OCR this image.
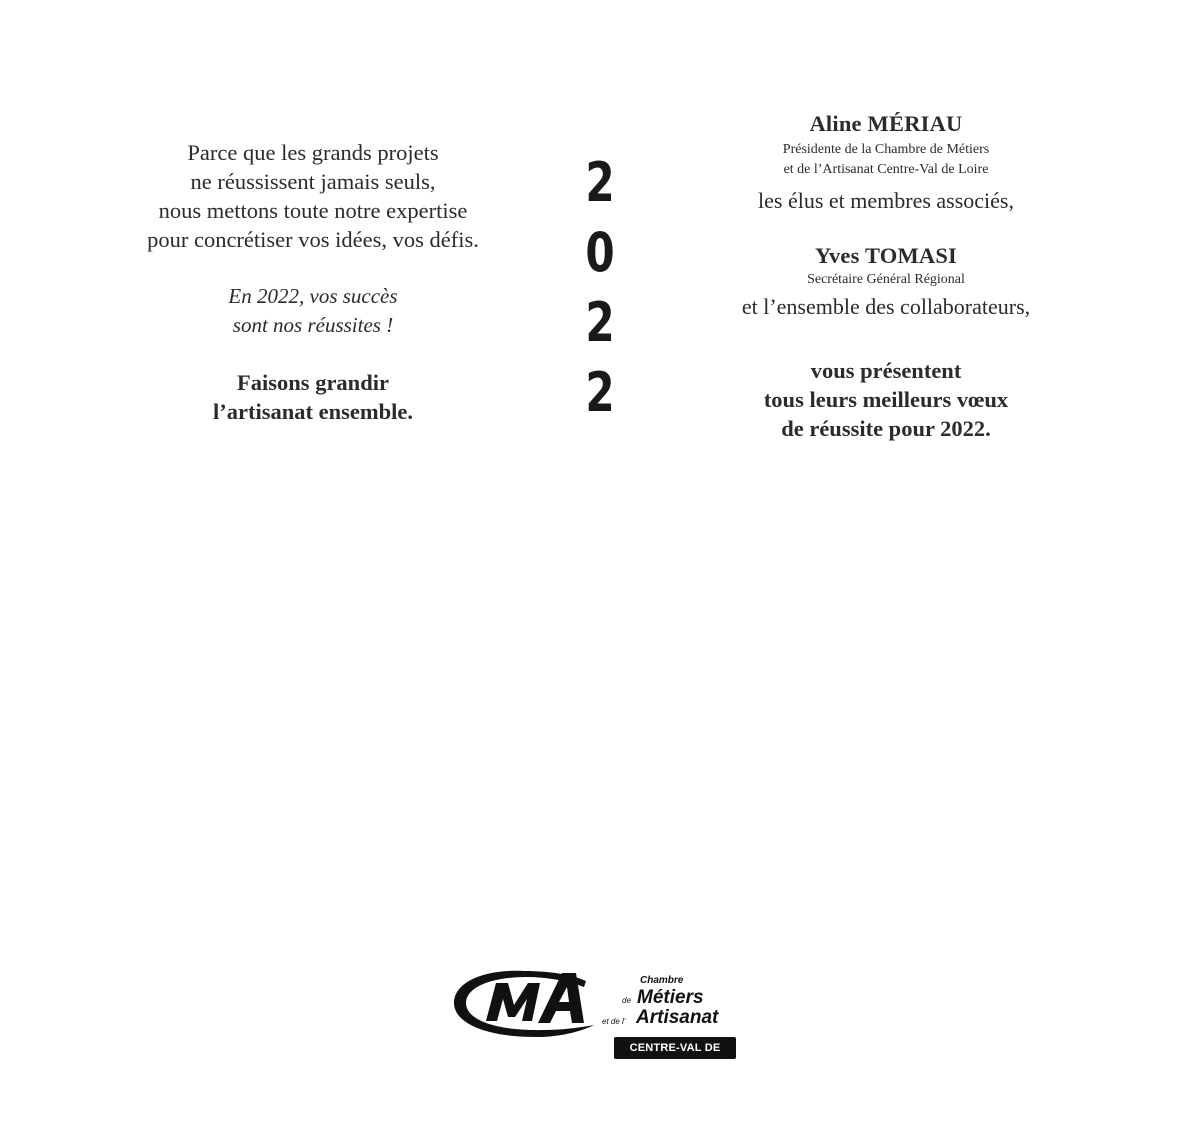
Parce que les grands projets

ne réussissent jamais seuls,

nous mettons toute notre expertise

pour concrétiser vos idées, vos défis.

En 2022, vos succès

sont nos réussites !

Faisons grandir

l’artisanat ensemble.

2
0
2
2

Aline MÉRIAU

Présidente de la Chambre de Métiers

et de l’Artisanat Centre-Val de Loire

les élus et membres associés,

Yves TOMASI

Secrétaire Général Régional

et l’ensemble des collaborateurs,

vous présentent

tous leurs meilleurs vœux

de réussite pour 2022.

Chambre
de Métiers
et de l’ Artisanat
CENTRE-VAL DE LOIRE
